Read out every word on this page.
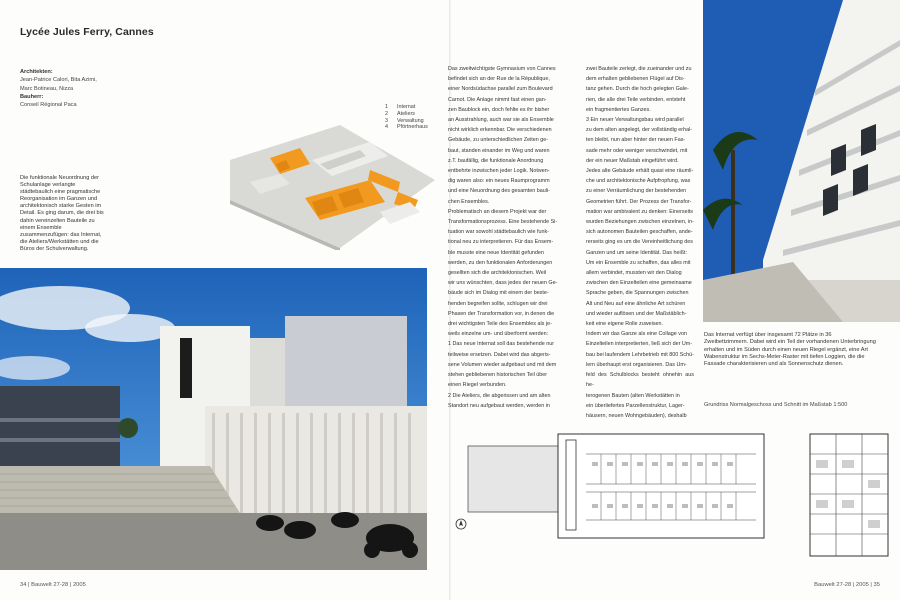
Lycée Jules Ferry, Cannes
Architekten:
Jean-Patrice Calori, Bita Azimi,
Marc Botineau, Nizza
Bauherr:
Conseil Régional Paca	1	Internat
2	Ateliers
3	Verwaltung
4	Pförtnerhaus
Die funktionale Neuordnung der Schulanlage verlangte städtebaulich eine pragmatische Reorganisation im Ganzen und architektonisch starke Gesten im Detail. Es ging darum, die drei bis dahin vereinzelten Bauteile zu einem Ensemble zusammenzufügen: das Internat, die Ateliers/Werkstätten und die Büros der Schulverwaltung.
Das zweitwichtigste Gymnasium von Cannes
befindet sich an der Rue de la République,
einer Nordsüdachse parallel zum Boulevard
Carnot. Die Anlage nimmt fast einen gan-
zen Baublock ein, doch fehlte es ihr bisher
an Ausstrahlung, auch war sie als Ensemble
nicht wirklich erkennbar. Die verschiedenen
Gebäude, zu unterschiedlichen Zeiten ge-
baut, standen einander im Weg und waren
z.T. baufällig, die funktionale Anordnung
entbehrte inzwischen jeder Logik. Notwen-
dig waren also: ein neues Raumprogramm
und eine Neuordnung des gesamten bauli-
chen Ensembles.
Problematisch an diesem Projekt war der
Transformationsprozess. Eine bestehende Si-
tuation war sowohl städtebaulich wie funk-
tional neu zu interpretieren. Für das Ensem-
ble musste eine neue Identität gefunden
werden, zu den funktionalen Anforderungen
gesellten sich die architektonischen. Weil
wir uns wünschten, dass jedes der neuen Ge-
bäude sich im Dialog mit einem der beste-
henden begreifen sollte, schlugen wir drei
Phasen der Transformation vor, in denen die
drei wichtigsten Teile des Ensembles als je-
weils einzelne um- und überformt werden:
1 Das neue Internat soll das bestehende nur
teilweise ersetzen. Dabei wird das abgeris-
sene Volumen wieder aufgebaut und mit dem
stehen gebliebenen historischen Teil über
einen Riegel verbunden.
2 Die Ateliers, die abgerissen und am alten
Standort neu aufgebaut werden, werden in
zwei Bauteile zerlegt, die zueinander und zu
dem erhalten gebliebenen Flügel auf Dis-
tanz gehen. Durch die hoch gelegten Gale-
rien, die alle drei Teile verbinden, entsteht
ein fragmentiertes Ganzes.
3 Ein neuer Verwaltungsbau wird parallel
zu dem alten angelegt, der vollständig erhal-
ten bleibt, nun aber hinter der neuen Fas-
sade mehr oder weniger verschwindet, mit
der ein neuer Maßstab eingeführt wird.
Jedes alte Gebäude erhält quasi eine räumli-
che und architektonische Aufpfropfung, was
zu einer Verräumlichung der bestehenden
Geometrien führt. Der Prozess der Transfor-
mation war ambivalent zu denken: Einerseits
wurden Beziehungen zwischen einzelnen, in-
sich autonomen Bauteilen geschaffen, ande-
rerseits ging es um die Vereinheitlichung des
Ganzen und um seine Identität. Das heißt:
Um ein Ensemble zu schaffen, das alles mit
allem verbindet, mussten wir den Dialog
zwischen den Einzelteilen eine gemeinsame
Sprache geben, die Spannungen zwischen
Alt und Neu auf eine ähnliche Art schüren
und wieder auflösen und der Maßstäblich-
keit eine eigene Rolle zuweisen.
Indem wir das Ganze als eine Collage von
Einzelteilen interpretierten, ließ sich der Um-
bau bei laufendem Lehrbetrieb mit 800 Schü-
lern überhaupt erst organisieren. Das Um-
feld des Schulblocks besteht ohnehin aus he-
terogenen Bauten (alten Werkstätten in
ein überliefertes Parzellenstruktur, Lager-
häusern, neuen Wohngebäuden), deshalb
Das Internat verfügt über insgesamt 72 Plätze in 36 Zweibettzimmern. Dabei wird ein Teil der vorhandenen Unterbringung erhalten und im Süden durch einen neuen Riegel ergänzt, eine Art Wabenstruktur im Sechs-Meter-Raster mit tiefen Loggien, die die Fassade charakterisieren und als Sonnenschutz dienen.
Grundriss Normalgeschoss und Schnitt im Maßstab 1:500
34 | Bauwelt 27-28 | 2005	Bauwelt 27-28 | 2005 | 35
